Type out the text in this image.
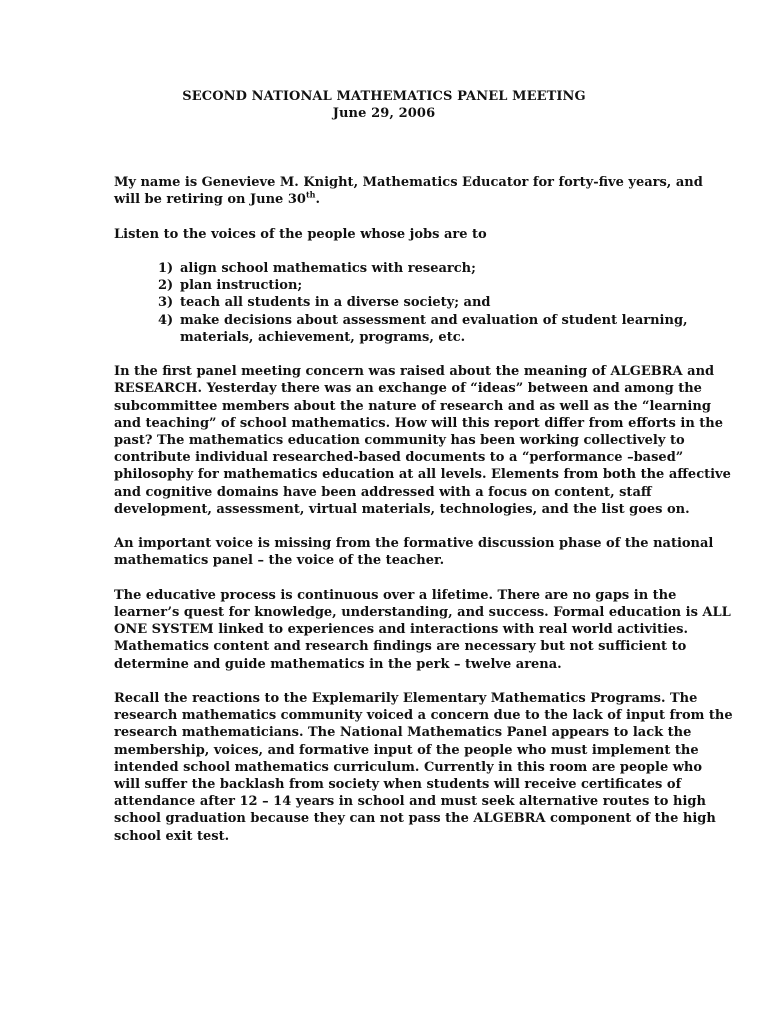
SECOND NATIONAL MATHEMATICS PANEL MEETING
June 29, 2006

My name is Genevieve M. Knight, Mathematics Educator for forty-five years, and
will be retiring on June 30th.

Listen to the voices of the people whose jobs are to

1) align school mathematics with research;
2) plan instruction;
3) teach all students in a diverse society; and
4) make decisions about assessment and evaluation of student learning,
materials, achievement, programs, etc.

In the first panel meeting concern was raised about the meaning of ALGEBRA and
RESEARCH. Yesterday there was an exchange of “ideas” between and among the
subcommittee members about the nature of research and as well as the “learning
and teaching” of school mathematics. How will this report differ from efforts in the
past? The mathematics education community has been working collectively to
contribute individual researched-based documents to a “performance –based”
philosophy for mathematics education at all levels. Elements from both the affective
and cognitive domains have been addressed with a focus on content, staff
development, assessment, virtual materials, technologies, and the list goes on.

An important voice is missing from the formative discussion phase of the national
mathematics panel – the voice of the teacher.

The educative process is continuous over a lifetime. There are no gaps in the
learner’s quest for knowledge, understanding, and success. Formal education is ALL
ONE SYSTEM linked to experiences and interactions with real world activities.
Mathematics content and research findings are necessary but not sufficient to
determine and guide mathematics in the perk – twelve arena.

Recall the reactions to the Explemarily Elementary Mathematics Programs. The
research mathematics community voiced a concern due to the lack of input from the
research mathematicians. The National Mathematics Panel appears to lack the
membership, voices, and formative input of the people who must implement the
intended school mathematics curriculum. Currently in this room are people who
will suffer the backlash from society when students will receive certificates of
attendance after 12 – 14 years in school and must seek alternative routes to high
school graduation because they can not pass the ALGEBRA component of the high
school exit test.
